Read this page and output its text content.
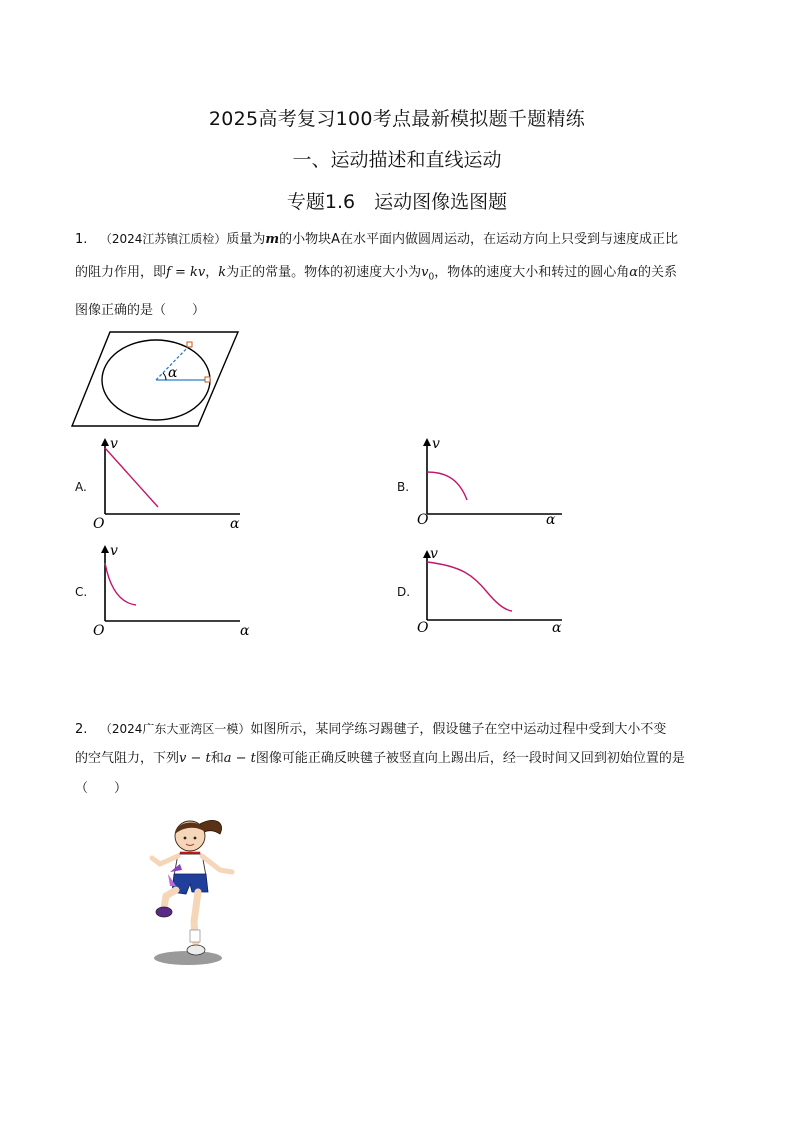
2025高考复习100考点最新模拟题千题精练
一、运动描述和直线运动
专题1.6　运动图像选图题
1. （2024江苏镇江质检）质量为m的小物块A在水平面内做圆周运动，在运动方向上只受到与速度成正比
的阻力作用，即f = kv，k为正的常量。物体的初速度大小为$v_0$，物体的速度大小和转过的圆心角α的关系
图像正确的是（　　）
α
A.
v
α
O
B.
v
α
O
C.
v
α
O
D.
v
α
O
2. （2024广东大亚湾区一模）如图所示，某同学练习踢毽子，假设毽子在空中运动过程中受到大小不变
的空气阻力，下列v − t和a − t图像可能正确反映毽子被竖直向上踢出后，经一段时间又回到初始位置的是
（　　）
